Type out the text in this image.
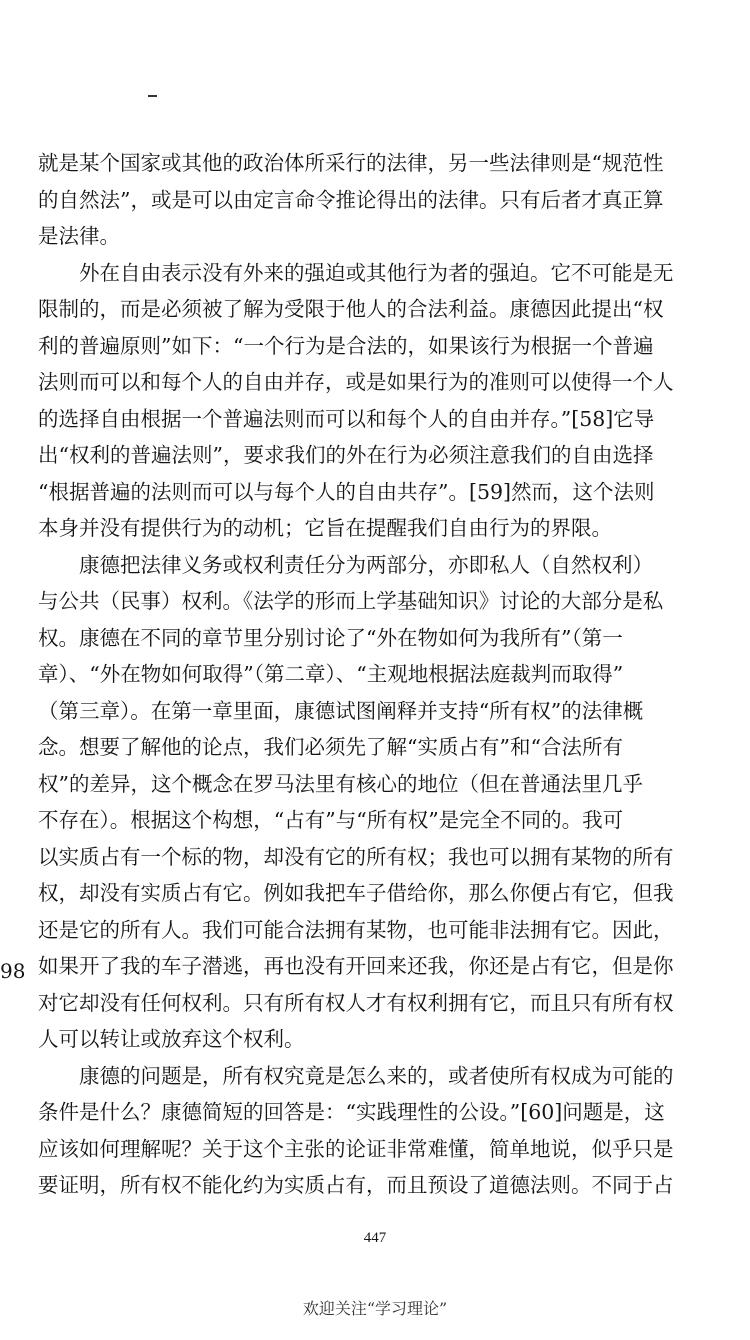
就是某个国家或其他的政治体所采行的法律，另一些法律则是“规范性
的自然法”，或是可以由定言命令推论得出的法律。只有后者才真正算
是法律。
外在自由表示没有外来的强迫或其他行为者的强迫。它不可能是无
限制的，而是必须被了解为受限于他人的合法利益。康德因此提出“权
利的普遍原则”如下：“一个行为是合法的，如果该行为根据一个普遍
法则而可以和每个人的自由并存，或是如果行为的准则可以使得一个人
的选择自由根据一个普遍法则而可以和每个人的自由并存。”[58]它导
出“权利的普遍法则”，要求我们的外在行为必须注意我们的自由选择
“根据普遍的法则而可以与每个人的自由共存”。[59]然而，这个法则
本身并没有提供行为的动机；它旨在提醒我们自由行为的界限。
康德把法律义务或权利责任分为两部分，亦即私人（自然权利）
与公共（民事）权利。《法学的形而上学基础知识》讨论的大部分是私
权。康德在不同的章节里分别讨论了“外在物如何为我所有”（第一
章）、“外在物如何取得”（第二章）、“主观地根据法庭裁判而取得”
（第三章）。在第一章里面，康德试图阐释并支持“所有权”的法律概
念。想要了解他的论点，我们必须先了解“实质占有”和“合法所有
权”的差异，这个概念在罗马法里有核心的地位（但在普通法里几乎
不存在）。根据这个构想，“占有”与“所有权”是完全不同的。我可
以实质占有一个标的物，却没有它的所有权；我也可以拥有某物的所有
权，却没有实质占有它。例如我把车子借给你，那么你便占有它，但我
还是它的所有人。我们可能合法拥有某物，也可能非法拥有它。因此，
如果开了我的车子潜逃，再也没有开回来还我，你还是占有它，但是你
对它却没有任何权利。只有所有权人才有权利拥有它，而且只有所有权
人可以转让或放弃这个权利。
康德的问题是，所有权究竟是怎么来的，或者使所有权成为可能的
条件是什么？康德简短的回答是：“实践理性的公设。”[60]问题是，这
应该如何理解呢？关于这个主张的论证非常难懂，简单地说，似乎只是
要证明，所有权不能化约为实质占有，而且预设了道德法则。不同于占
98
447
欢迎关注“学习理论”
